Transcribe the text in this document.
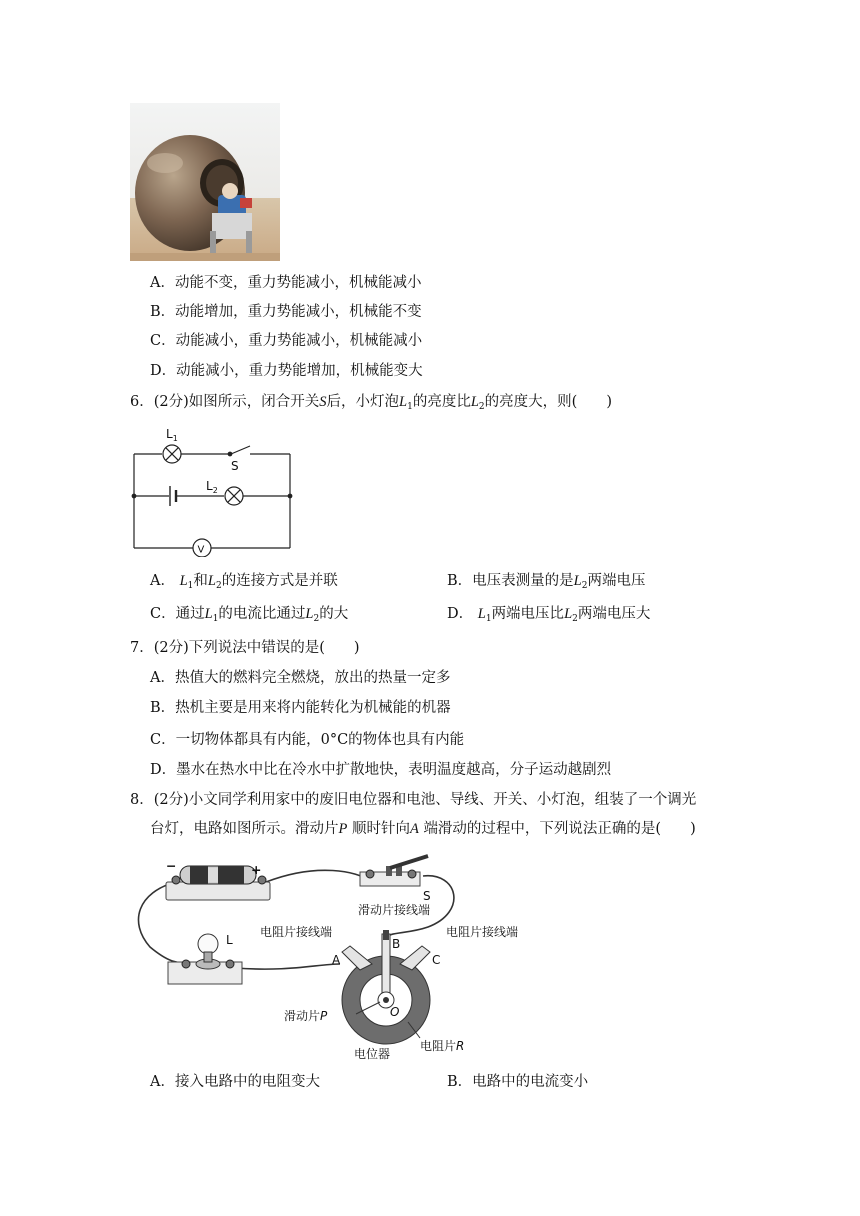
A．动能不变，重力势能减小，机械能减小
B．动能增加，重力势能减小，机械能不变
C．动能减小，重力势能减小，机械能减小
D．动能减小，重力势能增加，机械能变大
6．(2分)如图所示，闭合开关S后，小灯泡$L_1$的亮度比$L_2$的亮度大，则(　　)
$L_1$
S
$L_2$
V
A． $L_1$和$L_2$的连接方式是并联	B．电压表测量的是$L_2$两端电压
C．通过$L_1$的电流比通过$L_2$的大	D． $L_1$两端电压比$L_2$两端电压大
7．(2分)下列说法中错误的是(　　)
A．热值大的燃料完全燃烧，放出的热量一定多
B．热机主要是用来将内能转化为机械能的机器
C．一切物体都具有内能，0°C的物体也具有内能
D．墨水在热水中比在冷水中扩散地快，表明温度越高，分子运动越剧烈
8．(2分)小文同学利用家中的废旧电位器和电池、导线、开关、小灯泡，组装了一个调光
台灯，电路如图所示。滑动片P 顺时针向A 端滑动的过程中，下列说法正确的是(　　)
−	+
S
滑动片接线端
L	B
电阻片接线端	电阻片接线端
A	C
O
滑动片P
电位器
电阻片R
A．接入电路中的电阻变大	B．电路中的电流变小
